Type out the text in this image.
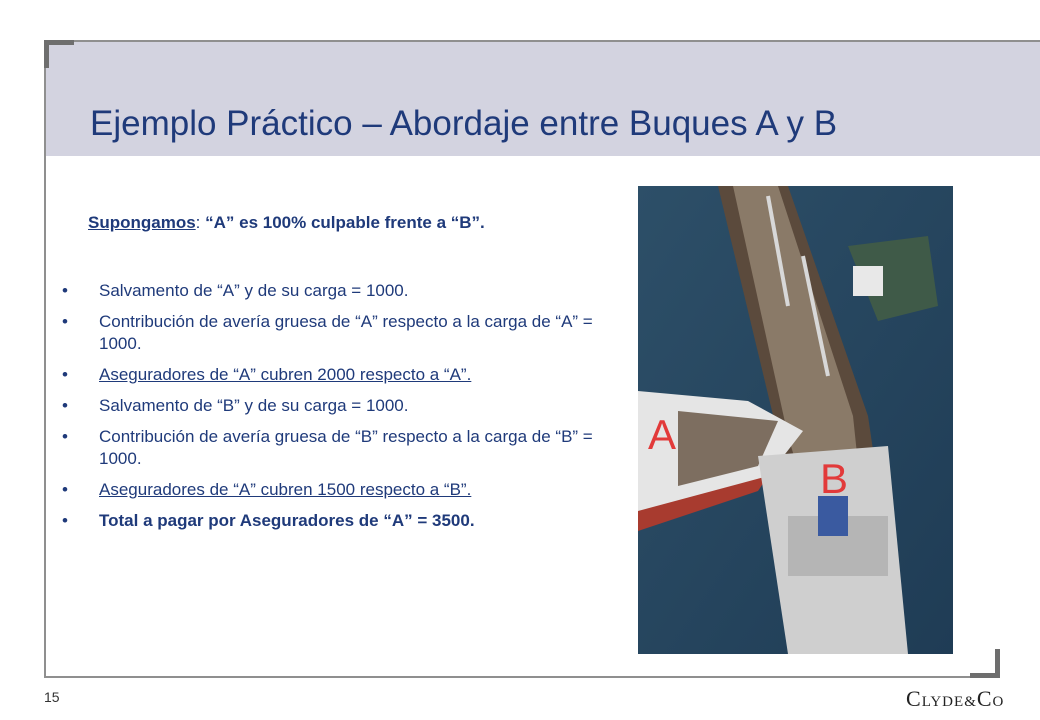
Ejemplo Práctico – Abordaje entre Buques A y B

Supongamos: “A” es 100% culpable frente a “B”.

• Salvamento de “A” y de su carga = 1000.
• Contribución de avería gruesa de “A” respecto a la carga de “A” = 1000.
• Aseguradores de “A” cubren 2000 respecto a “A”.
• Salvamento de “B” y de su carga = 1000.
• Contribución de avería gruesa de “B” respecto a la carga de “B” = 1000.
• Aseguradores de “A” cubren 1500 respecto a “B”.
• Total a pagar por Aseguradores de “A” = 3500.
A
B
15	CLYDE&CO
